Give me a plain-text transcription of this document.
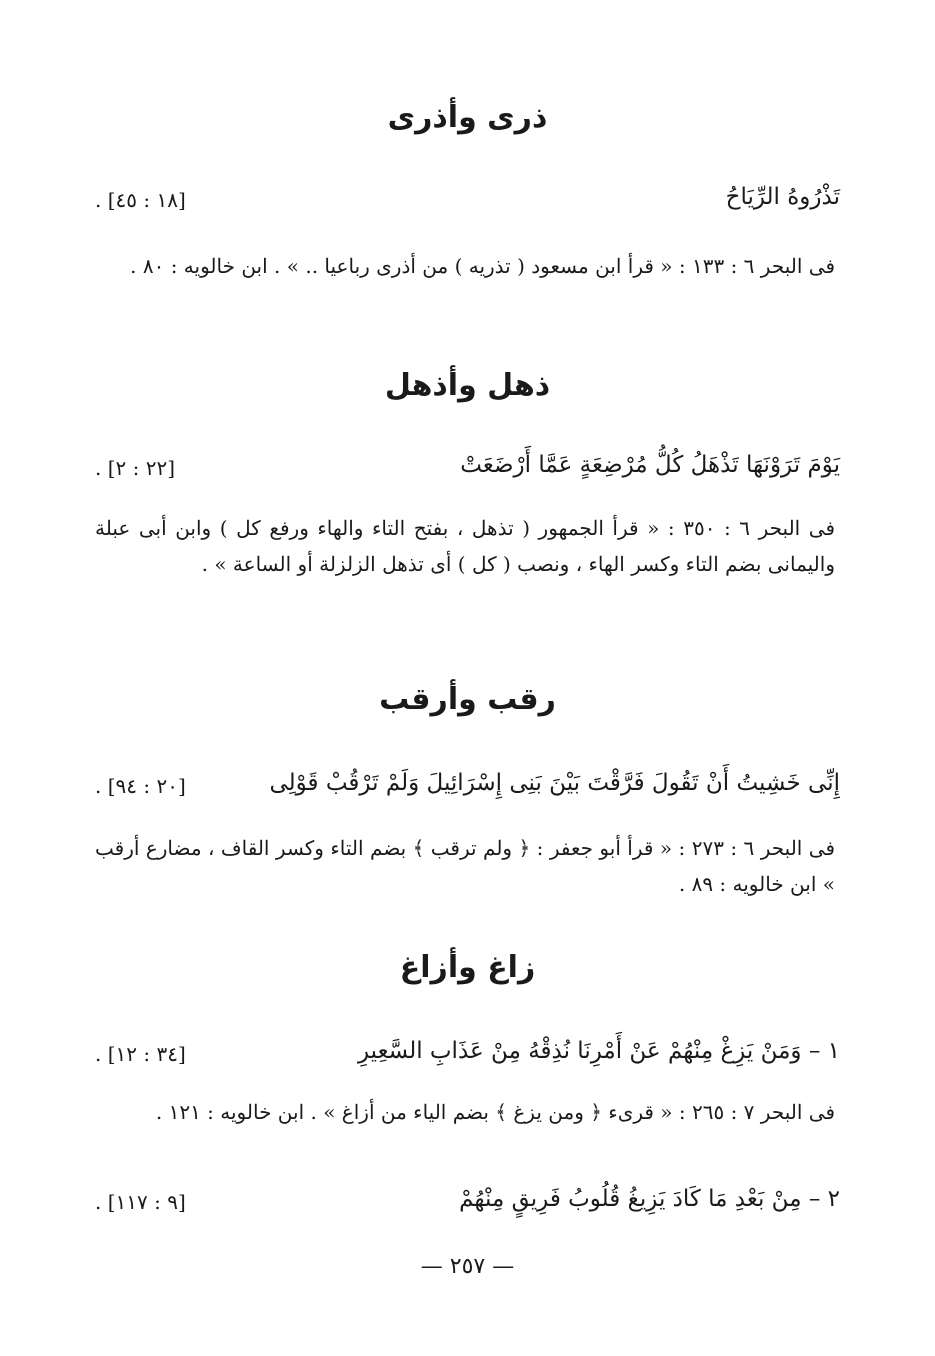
ذرى وأذرى
تَذْرُوهُ الرِّيَاحُ
[١٨ : ٤٥] .
فى البحر ٦ : ١٣٣ : « قرأ ابن مسعود ( تذريه ) من أذرى رباعيا .. » . ابن خالويه : ٨٠ .
ذهل وأذهل
يَوْمَ تَرَوْنَهَا تَذْهَلُ كُلُّ مُرْضِعَةٍ عَمَّا أَرْضَعَتْ
[٢٢ : ٢] .
فى البحر ٦ : ٣٥٠ : « قرأ الجمهور ( تذهل ، بفتح التاء والهاء ورفع كل ) وابن أبى عبلة واليمانى بضم التاء وكسر الهاء ، ونصب ( كل ) أى تذهل الزلزلة أو الساعة » .
رقب وأرقب
إِنِّى خَشِيتُ أَنْ تَقُولَ فَرَّقْتَ بَيْنَ بَنِى إِسْرَائِيلَ وَلَمْ تَرْقُبْ قَوْلِى
[٢٠ : ٩٤] .
فى البحر ٦ : ٢٧٣ : « قرأ أبو جعفر : ﴿ ولم ترقب ﴾ بضم التاء وكسر القاف ، مضارع أرقب » ابن خالويه : ٨٩ .
زاغ وأزاغ
١ – وَمَنْ يَزِغْ مِنْهُمْ عَنْ أَمْرِنَا نُذِقْهُ مِنْ عَذَابِ السَّعِيرِ
[٣٤ : ١٢] .
فى البحر ٧ : ٢٦٥ : « قرىء ﴿ ومن يزغ ﴾ بضم الياء من أزاغ » . ابن خالويه : ١٢١ .
٢ – مِنْ بَعْدِ مَا كَادَ يَزِيغُ قُلُوبُ فَرِيقٍ مِنْهُمْ
[٩ : ١١٧] .
— ٢٥٧ —
